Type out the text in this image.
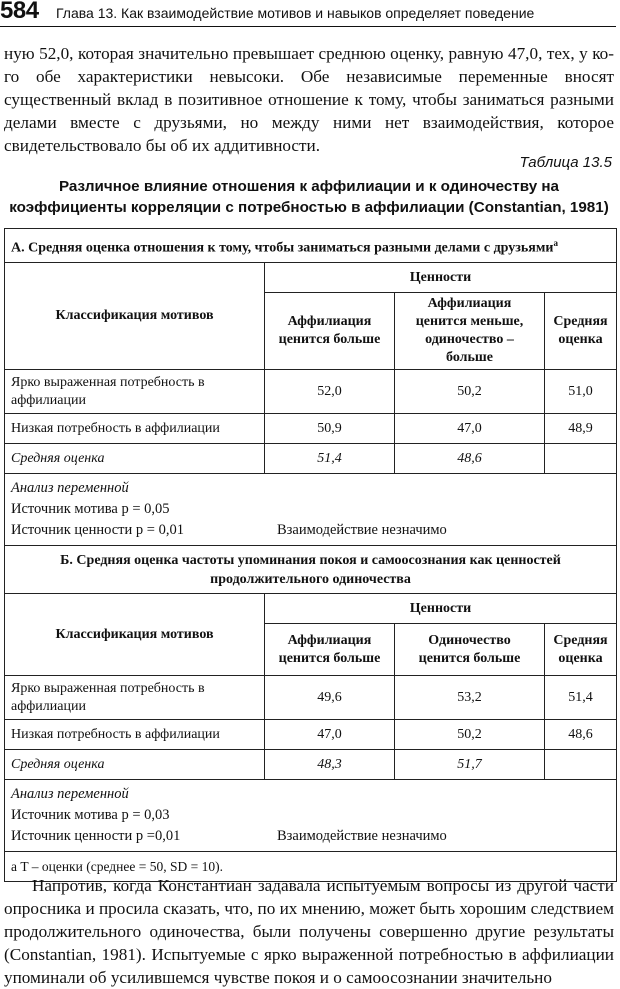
584 Глава 13. Как взаимодействие мотивов и навыков определяет поведение

ную 52,0, которая значительно превышает среднюю оценку, равную 47,0, тех, у ко-го обе характеристики невысоки. Обе независимые переменные вносят существенный вклад в позитивное отношение к тому, чтобы заниматься разными делами вместе с друзьями, но между ними нет взаимодействия, которое свидетельствовало бы об их аддитивности.

Таблица 13.5
Различное влияние отношения к аффилиации и к одиночеству на коэффициенты корреляции с потребностью в аффилиации (Constantian, 1981)
А. Средняя оценка отношения к тому, чтобы заниматься разными делами с друзьями$^а$
Классификация мотивов	Ценности		
	Аффилиация ценится больше	Аффилиация ценится меньше, одиночество – больше	Средняя оценка
Ярко выраженная потребность в аффилиации	52,0	50,2	51,0
Низкая потребность в аффилиации	50,9	47,0	48,9
Средняя оценка	51,4	48,6	

Анализ переменной
Источник мотива p = 0,05
Источник ценности p = 0,01 Взаимодействие незначимо			

Б. Средняя оценка частоты упоминания покоя и самоосознания как ценностей продолжительного одиночества			
Классификация мотивов	Ценности		
	Аффилиация ценится больше	Одиночество ценится больше	Средняя оценка
Ярко выраженная потребность в аффилиации	49,6	53,2	51,4
Низкая потребность в аффилиации	47,0	50,2	48,6
Средняя оценка	48,3	51,7	

Анализ переменной
Источник мотива p = 0,03
Источник ценности p =0,01 Взаимодействие незначимо			

а T – оценки (среднее = 50, SD = 10).			

Напротив, когда Константиан задавала испытуемым вопросы из другой части опросника и просила сказать, что, по их мнению, может быть хорошим следствием продолжительного одиночества, были получены совершенно другие результаты (Constantian, 1981). Испытуемые с ярко выраженной потребностью в аффилиации упоминали об усилившемся чувстве покоя и о самоосознании значительно
